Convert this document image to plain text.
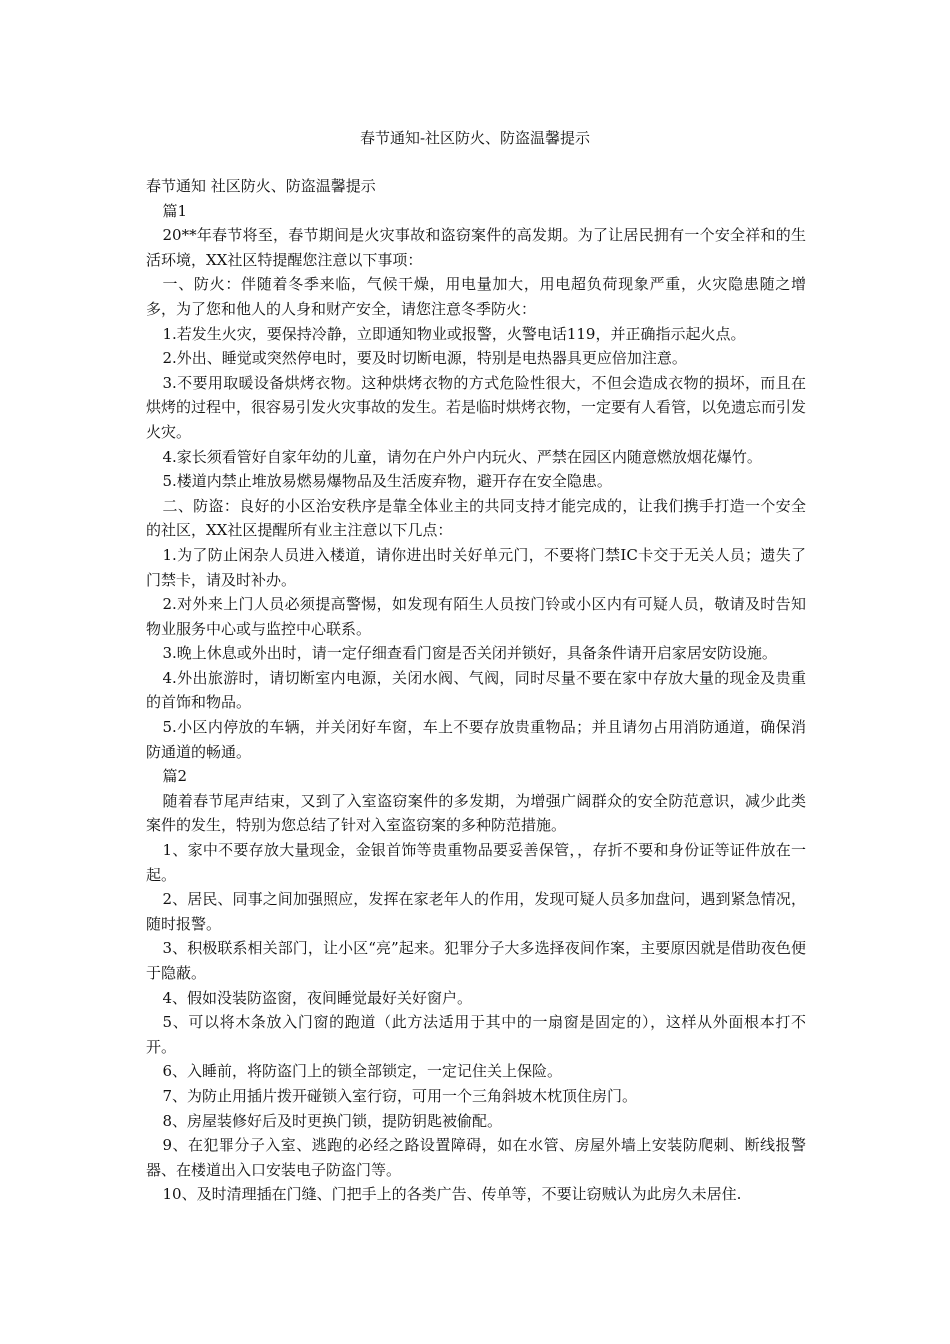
春节通知-社区防火、防盗温馨提示

春节通知 社区防火、防盗温馨提示

篇1

20**年春节将至，春节期间是火灾事故和盗窃案件的高发期。为了让居民拥有一个安全祥和的生活环境，XX社区特提醒您注意以下事项：

一、防火：伴随着冬季来临，气候干燥，用电量加大，用电超负荷现象严重，火灾隐患随之增多，为了您和他人的人身和财产安全，请您注意冬季防火：

1.若发生火灾，要保持冷静，立即通知物业或报警，火警电话119，并正确指示起火点。

2.外出、睡觉或突然停电时，要及时切断电源，特别是电热器具更应倍加注意。

3.不要用取暖设备烘烤衣物。这种烘烤衣物的方式危险性很大，不但会造成衣物的损坏，而且在烘烤的过程中，很容易引发火灾事故的发生。若是临时烘烤衣物，一定要有人看管，以免遗忘而引发火灾。

4.家长须看管好自家年幼的儿童，请勿在户外户内玩火、严禁在园区内随意燃放烟花爆竹。

5.楼道内禁止堆放易燃易爆物品及生活废弃物，避开存在安全隐患。

二、防盗：良好的小区治安秩序是靠全体业主的共同支持才能完成的，让我们携手打造一个安全的社区，XX社区提醒所有业主注意以下几点：

1.为了防止闲杂人员进入楼道，请你进出时关好单元门，不要将门禁IC卡交于无关人员；遗失了门禁卡，请及时补办。

2.对外来上门人员必须提高警惕，如发现有陌生人员按门铃或小区内有可疑人员，敬请及时告知物业服务中心或与监控中心联系。

3.晚上休息或外出时，请一定仔细查看门窗是否关闭并锁好，具备条件请开启家居安防设施。

4.外出旅游时，请切断室内电源，关闭水阀、气阀，同时尽量不要在家中存放大量的现金及贵重的首饰和物品。

5.小区内停放的车辆，并关闭好车窗，车上不要存放贵重物品；并且请勿占用消防通道，确保消防通道的畅通。

篇2

随着春节尾声结束，又到了入室盗窃案件的多发期，为增强广阔群众的安全防范意识，减少此类案件的发生，特别为您总结了针对入室盗窃案的多种防范措施。

1、家中不要存放大量现金，金银首饰等贵重物品要妥善保管，，存折不要和身份证等证件放在一起。

2、居民、同事之间加强照应，发挥在家老年人的作用，发现可疑人员多加盘问，遇到紧急情况，随时报警。

3、积极联系相关部门，让小区“亮”起来。犯罪分子大多选择夜间作案，主要原因就是借助夜色便于隐蔽。

4、假如没装防盗窗，夜间睡觉最好关好窗户。

5、可以将木条放入门窗的跑道（此方法适用于其中的一扇窗是固定的），这样从外面根本打不开。

6、入睡前，将防盗门上的锁全部锁定，一定记住关上保险。

7、为防止用插片拨开碰锁入室行窃，可用一个三角斜坡木枕顶住房门。

8、房屋装修好后及时更换门锁，提防钥匙被偷配。

9、在犯罪分子入室、逃跑的必经之路设置障碍，如在水管、房屋外墙上安装防爬刺、断线报警器、在楼道出入口安装电子防盗门等。

10、及时清理插在门缝、门把手上的各类广告、传单等，不要让窃贼认为此房久未居住.
